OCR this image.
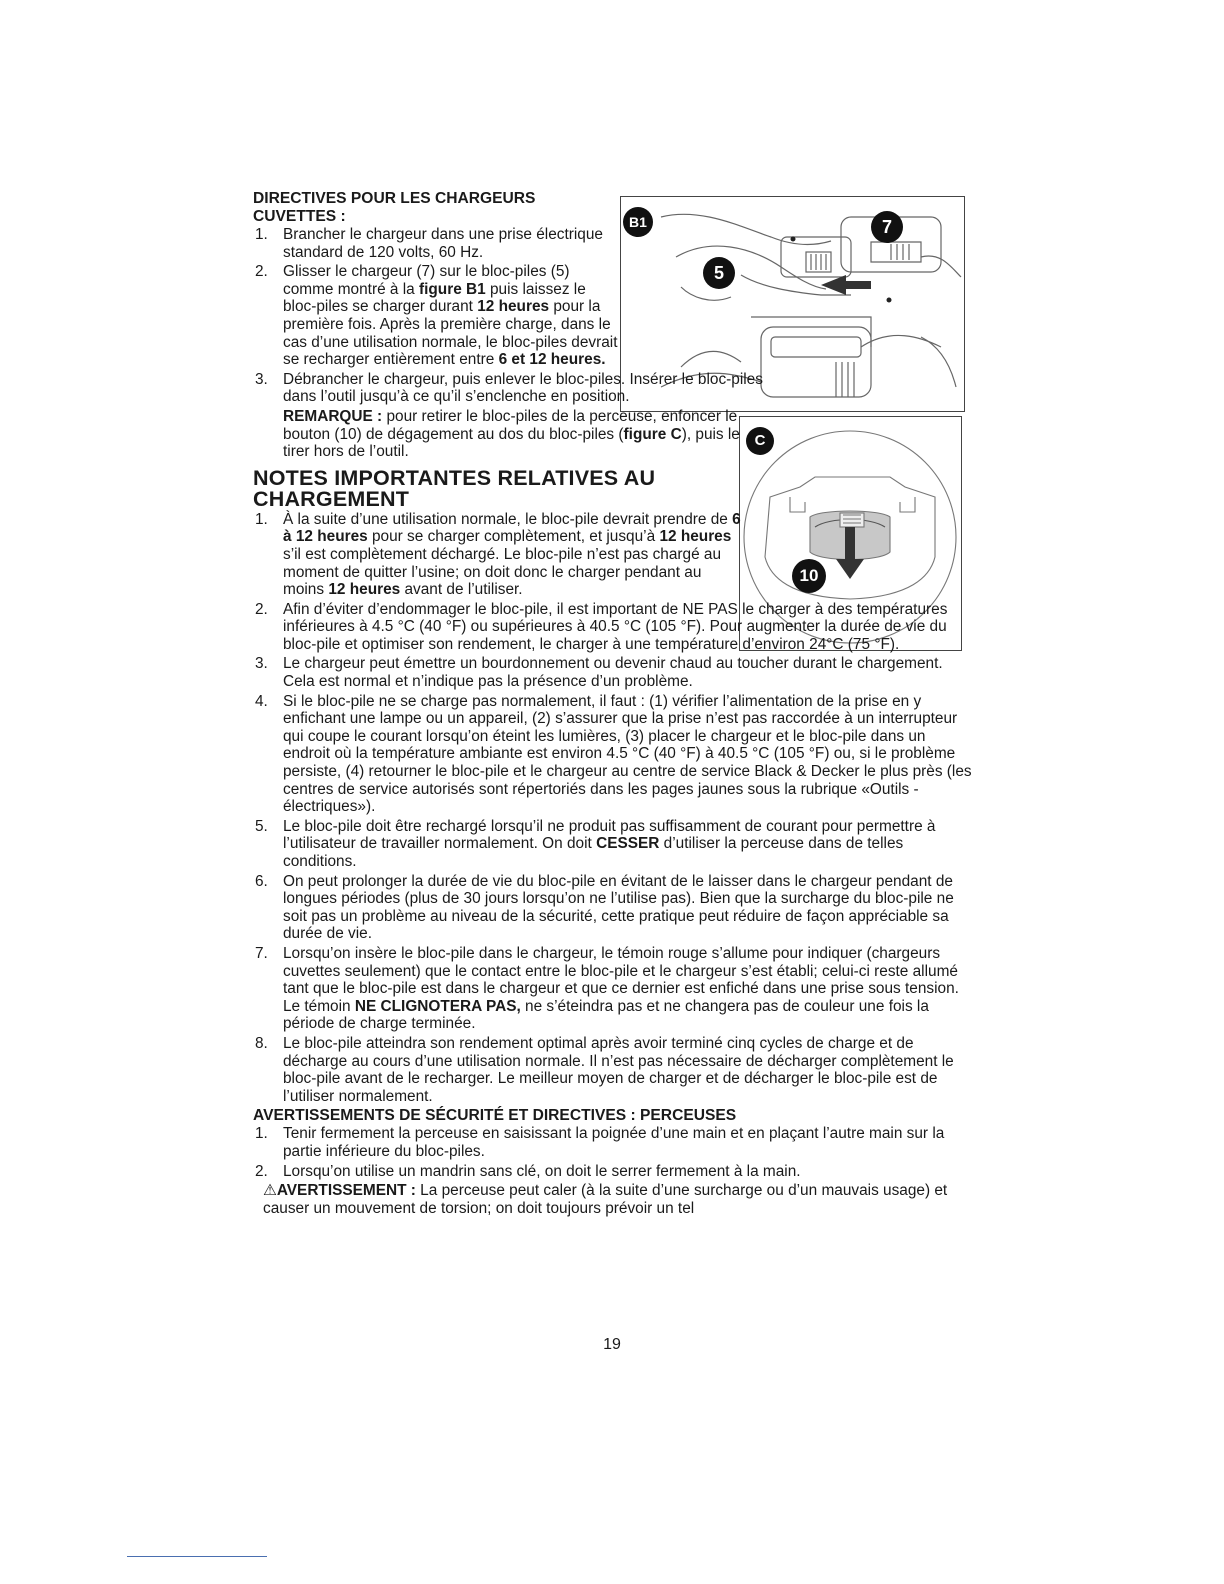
B1
5
7
C
10

DIRECTIVES POUR LES CHARGEURS

CUVETTES :

1. Brancher le chargeur dans une prise électrique standard de 120 volts, 60 Hz.
2. Glisser le chargeur (7) sur le bloc-piles (5) comme montré à la figure B1 puis laissez le bloc-piles se charger durant 12 heures pour la première fois. Après la première charge, dans le cas d’une utilisation normale, le bloc-piles devrait se recharger entièrement entre 6 et 12 heures.
3. Débrancher le chargeur, puis enlever le bloc-piles. Insérer le bloc-piles dans l’outil jusqu’à ce qu’il s’enclenche en position.

REMARQUE : pour retirer le bloc-piles de la perceuse, enfoncer le bouton (10) de dégagement au dos du bloc-piles (figure C), puis le tirer hors de l’outil.

NOTES IMPORTANTES RELATIVES AU

CHARGEMENT

1. À la suite d’une utilisation normale, le bloc-pile devrait prendre de 6 à 12 heures pour se charger complètement, et jusqu’à 12 heures s’il est complètement déchargé. Le bloc-pile n’est pas chargé au moment de quitter l’usine; on doit donc le charger pendant au moins 12 heures avant de l’utiliser.
2. Afin d’éviter d’endommager le bloc-pile, il est important de NE PAS le charger à des températures inférieures à 4.5 °C (40 °F) ou supérieures à 40.5 °C (105 °F). Pour augmenter la durée de vie du bloc-pile et optimiser son rendement, le charger à une température d’environ 24°C (75 °F).
3. Le chargeur peut émettre un bourdonnement ou devenir chaud au toucher durant le chargement. Cela est normal et n’indique pas la présence d’un problème.
4. Si le bloc-pile ne se charge pas normalement, il faut : (1) vérifier l’alimentation de la prise en y enfichant une lampe ou un appareil, (2) s’assurer que la prise n’est pas raccordée à un interrupteur qui coupe le courant lorsqu’on éteint les lumières, (3) placer le chargeur et le bloc-pile dans un endroit où la température ambiante est environ 4.5 °C (40 °F) à 40.5 °C (105 °F) ou, si le problème persiste, (4) retourner le bloc-pile et le chargeur au centre de service Black & Decker le plus près (les centres de service autorisés sont répertoriés dans les pages jaunes sous la rubrique «Outils - électriques»).
5. Le bloc-pile doit être rechargé lorsqu’il ne produit pas suffisamment de courant pour permettre à l’utilisateur de travailler normalement. On doit CESSER d’utiliser la perceuse dans de telles conditions.
6. On peut prolonger la durée de vie du bloc-pile en évitant de le laisser dans le chargeur pendant de longues périodes (plus de 30 jours lorsqu’on ne l’utilise pas). Bien que la surcharge du bloc-pile ne soit pas un problème au niveau de la sécurité, cette pratique peut réduire de façon appréciable sa durée de vie.
7. Lorsqu’on insère le bloc-pile dans le chargeur, le témoin rouge s’allume pour indiquer (chargeurs cuvettes seulement) que le contact entre le bloc-pile et le chargeur s’est établi; celui-ci reste allumé tant que le bloc-pile est dans le chargeur et que ce dernier est enfiché dans une prise sous tension. Le témoin NE CLIGNOTERA PAS, ne s’éteindra pas et ne changera pas de couleur une fois la période de charge terminée.
8. Le bloc-pile atteindra son rendement optimal après avoir terminé cinq cycles de charge et de décharge au cours d’une utilisation normale. Il n’est pas nécessaire de décharger complètement le bloc-pile avant de le recharger. Le meilleur moyen de charger et de décharger le bloc-pile est de l’utiliser normalement.

AVERTISSEMENTS DE SÉCURITÉ ET DIRECTIVES : PERCEUSES

1. Tenir fermement la perceuse en saisissant la poignée d’une main et en plaçant l’autre main sur la partie inférieure du bloc-piles.
2. Lorsqu’on utilise un mandrin sans clé, on doit le serrer fermement à la main.

⚠AVERTISSEMENT : La perceuse peut caler (à la suite d’une surcharge ou d’un mauvais usage) et causer un mouvement de torsion; on doit toujours prévoir un tel

19
